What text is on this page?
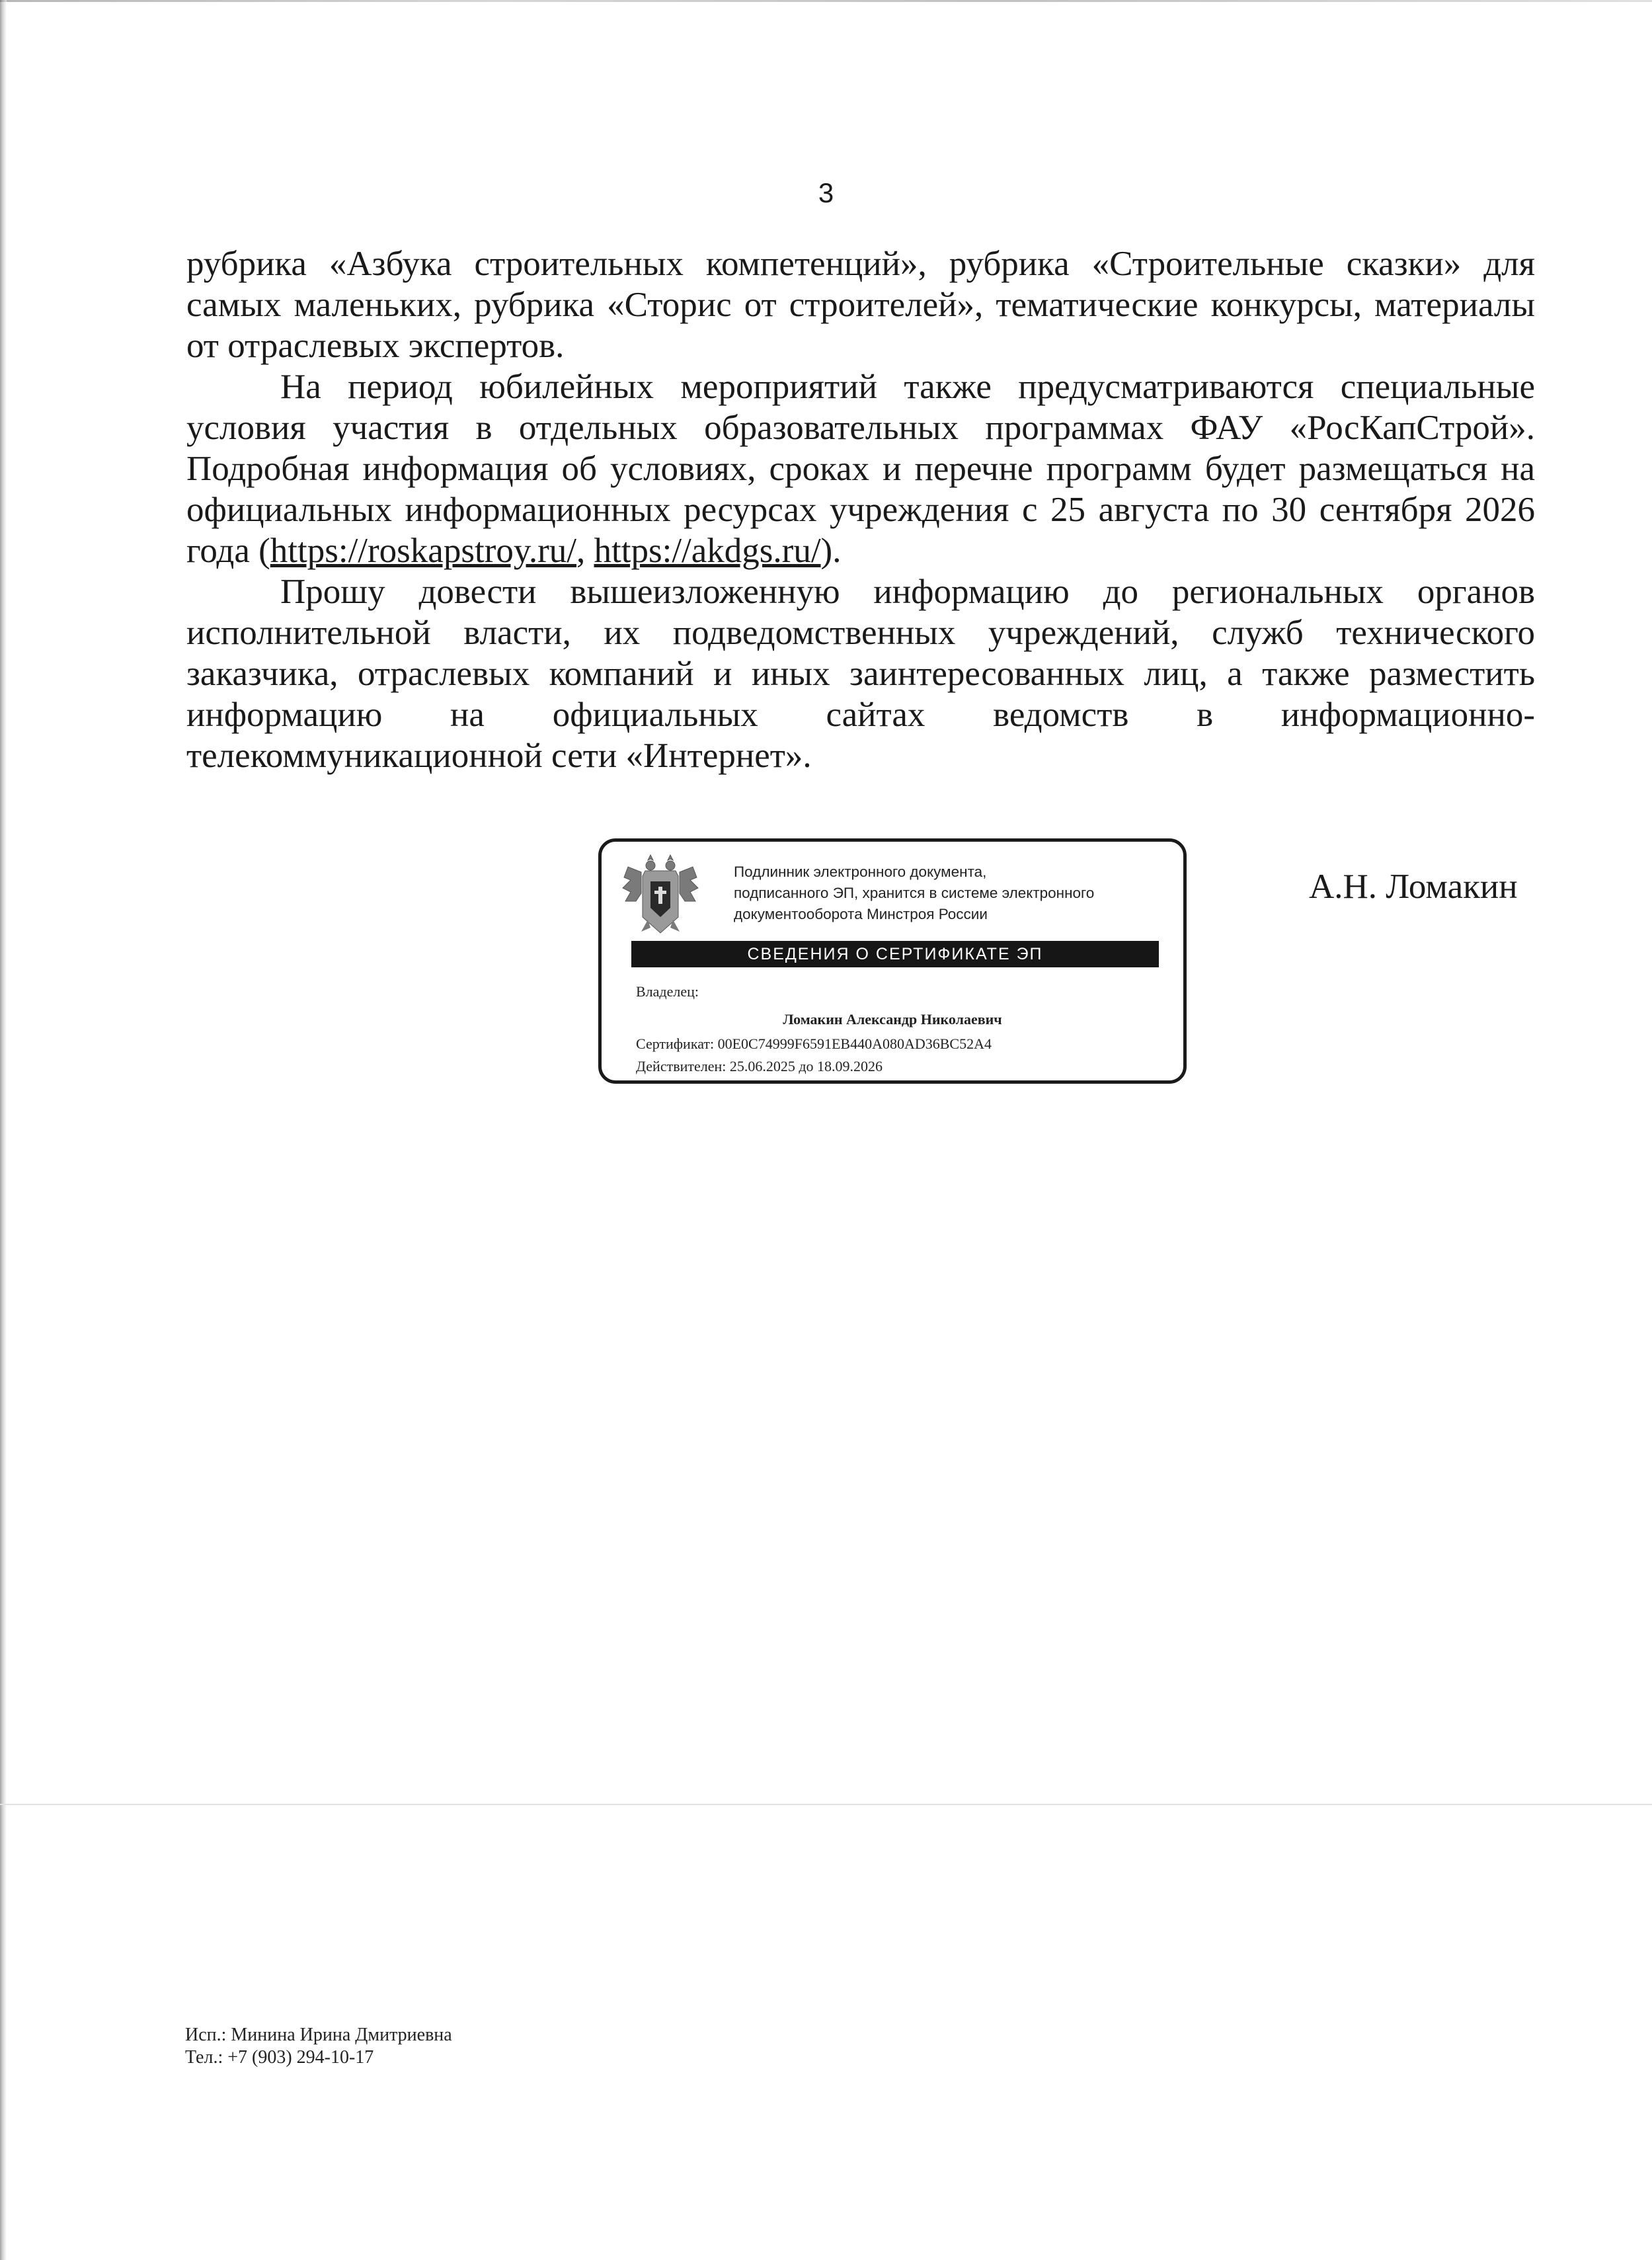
3

рубрика «Азбука строительных компетенций», рубрика «Строительные сказки» для самых маленьких, рубрика «Сторис от строителей», тематические конкурсы, материалы от отраслевых экспертов.

На период юбилейных мероприятий также предусматриваются специальные условия участия в отдельных образовательных программах ФАУ «РосКапСтрой». Подробная информация об условиях, сроках и перечне программ будет размещаться на официальных информационных ресурсах учреждения с 25 августа по 30 сентября 2026 года (https://roskapstroy.ru/, https://akdgs.ru/).

Прошу довести вышеизложенную информацию до региональных органов исполнительной власти, их подведомственных учреждений, служб технического заказчика, отраслевых компаний и иных заинтересованных лиц, а также разместить информацию на официальных сайтах ведомств в информационно-телекоммуникационной сети «Интернет».

Подлинник электронного документа,
подписанного ЭП, хранится в системе электронного
документооборота Минстроя России
СВЕДЕНИЯ О СЕРТИФИКАТЕ ЭП
Владелец:
Ломакин Александр Николаевич
Сертификат: 00E0C74999F6591EB440A080AD36BC52A4
Действителен: 25.06.2025 до 18.09.2026
А.Н. Ломакин
Исп.: Минина Ирина Дмитриевна
Тел.: +7 (903) 294-10-17
